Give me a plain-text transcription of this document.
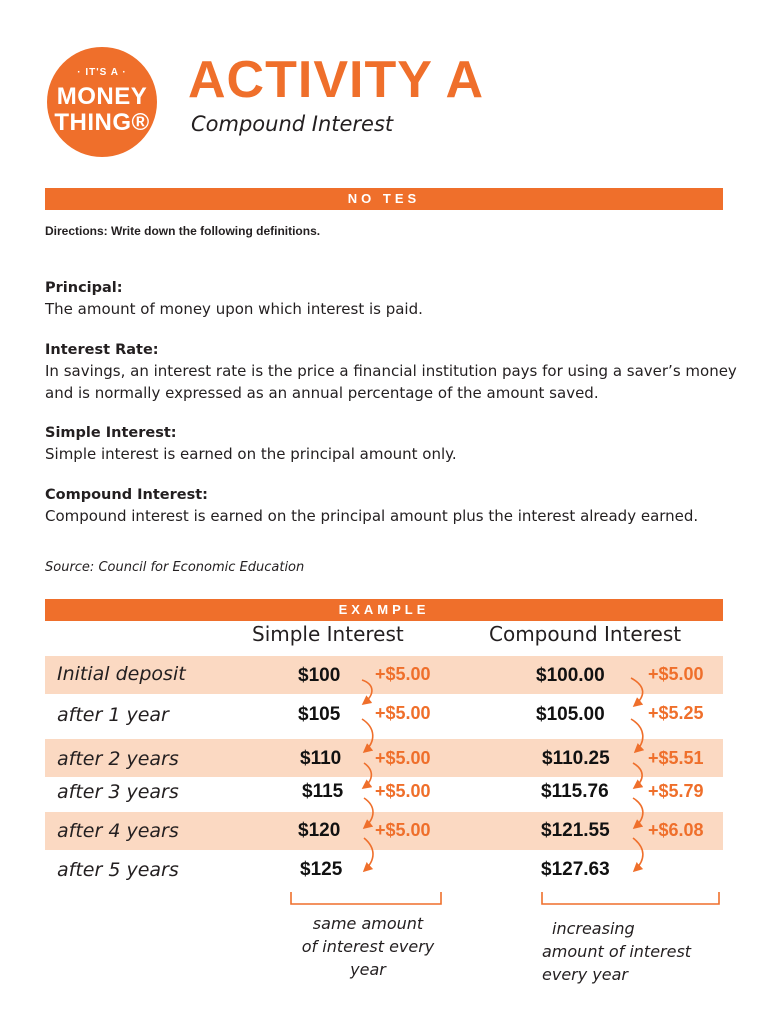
· IT'S A ·
MONEY
THING®
ACTIVITY A
Compound Interest
NO TES
Directions: Write down the following definitions.
Principal:
The amount of money upon which interest is paid.
Interest Rate:
In savings, an interest rate is the price a financial institution pays for using a saver’s money and is normally expressed as an annual percentage of the amount saved.
Simple Interest:
Simple interest is earned on the principal amount only.
Compound Interest:
Compound interest is earned on the principal amount plus the interest already earned.
Source: Council for Economic Education
EXAMPLE
Simple Interest	Compound Interest
Initial deposit
after 1 year
after 2 years
after 3 years
after 4 years
after 5 years
$100
$105
$110
$115
$120
$125
+$5.00
+$5.00
+$5.00
+$5.00
+$5.00
$100.00
$105.00
$110.25
$115.76
$121.55
$127.63
+$5.00
+$5.25
+$5.51
+$5.79
+$6.08
same amount
of interest every year
increasing
amount of interest
every year
